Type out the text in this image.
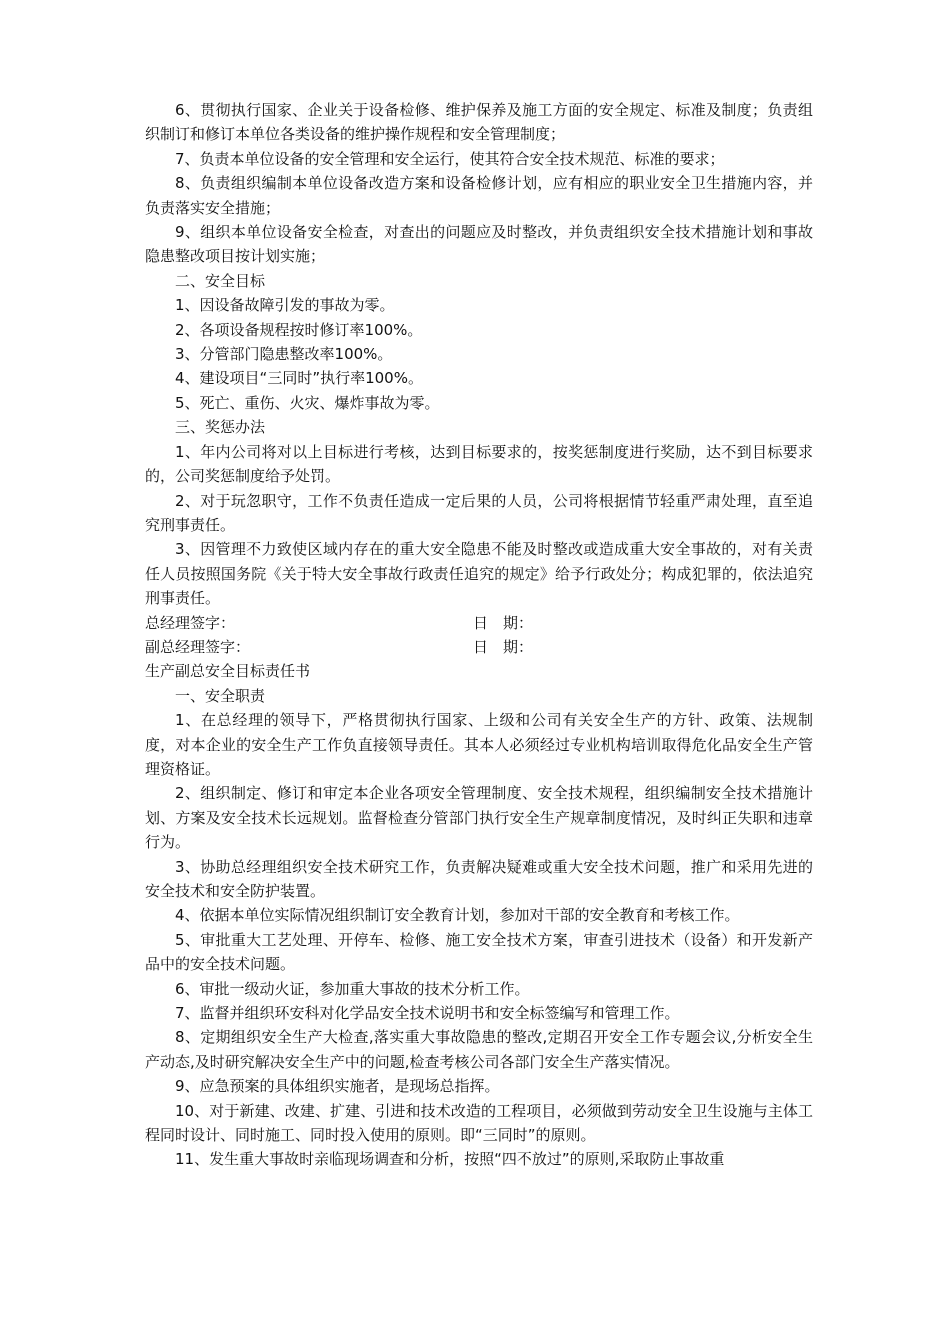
6、贯彻执行国家、企业关于设备检修、维护保养及施工方面的安全规定、标准及制度；负责组织制订和修订本单位各类设备的维护操作规程和安全管理制度；

7、负责本单位设备的安全管理和安全运行，使其符合安全技术规范、标准的要求；

8、负责组织编制本单位设备改造方案和设备检修计划，应有相应的职业安全卫生措施内容，并负责落实安全措施；

9、组织本单位设备安全检查，对查出的问题应及时整改，并负责组织安全技术措施计划和事故隐患整改项目按计划实施；

二、安全目标

1、因设备故障引发的事故为零。

2、各项设备规程按时修订率100%。

3、分管部门隐患整改率100%。

4、建设项目“三同时”执行率100%。

5、死亡、重伤、火灾、爆炸事故为零。

三、奖惩办法

1、年内公司将对以上目标进行考核，达到目标要求的，按奖惩制度进行奖励，达不到目标要求的，公司奖惩制度给予处罚。

2、对于玩忽职守，工作不负责任造成一定后果的人员，公司将根据情节轻重严肃处理，直至追究刑事责任。

3、因管理不力致使区域内存在的重大安全隐患不能及时整改或造成重大安全事故的，对有关责任人员按照国务院《关于特大安全事故行政责任追究的规定》给予行政处分；构成犯罪的，依法追究刑事责任。

总经理签字：	日　期：
副总经理签字：	日　期：

生产副总安全目标责任书

一、安全职责

1、在总经理的领导下，严格贯彻执行国家、上级和公司有关安全生产的方针、政策、法规制度，对本企业的安全生产工作负直接领导责任。其本人必须经过专业机构培训取得危化品安全生产管理资格证。

2、组织制定、修订和审定本企业各项安全管理制度、安全技术规程，组织编制安全技术措施计划、方案及安全技术长远规划。监督检查分管部门执行安全生产规章制度情况，及时纠正失职和违章行为。

3、协助总经理组织安全技术研究工作，负责解决疑难或重大安全技术问题，推广和采用先进的安全技术和安全防护装置。

4、依据本单位实际情况组织制订安全教育计划，参加对干部的安全教育和考核工作。

5、审批重大工艺处理、开停车、检修、施工安全技术方案，审查引进技术（设备）和开发新产品中的安全技术问题。

6、审批一级动火证，参加重大事故的技术分析工作。

7、监督并组织环安科对化学品安全技术说明书和安全标签编写和管理工作。

8、定期组织安全生产大检查,落实重大事故隐患的整改,定期召开安全工作专题会议,分析安全生产动态,及时研究解决安全生产中的问题,检查考核公司各部门安全生产落实情况。

9、应急预案的具体组织实施者，是现场总指挥。

10、对于新建、改建、扩建、引进和技术改造的工程项目，必须做到劳动安全卫生设施与主体工程同时设计、同时施工、同时投入使用的原则。即“三同时”的原则。

11、发生重大事故时亲临现场调查和分析，按照“四不放过”的原则,采取防止事故重
